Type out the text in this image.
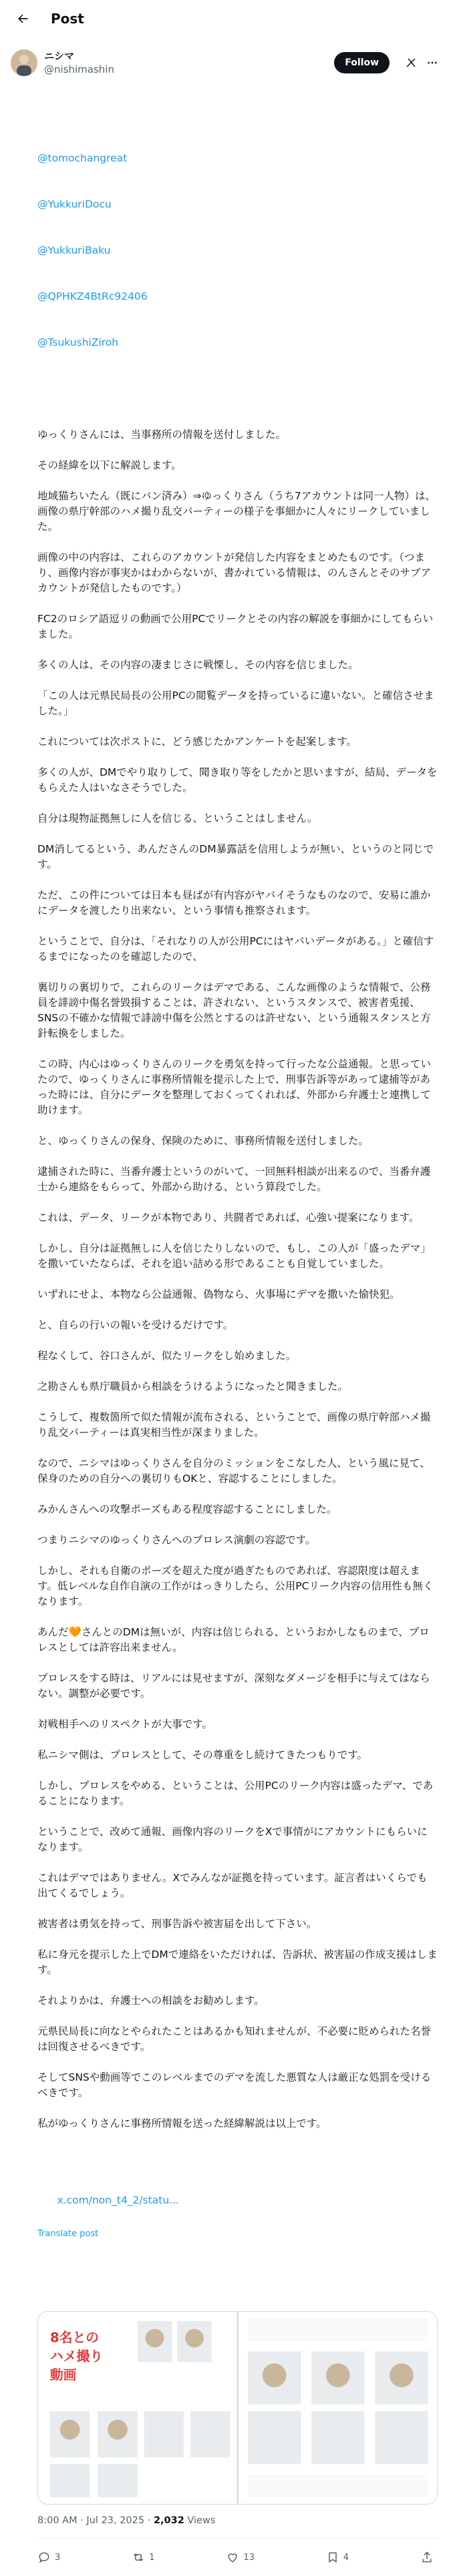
Post
ニシマ
@nishimashin
Follow

@tomochangreat

@YukkuriDocu

@YukkuriBaku

@QPHKZ4BtRc92406

@TsukushiZiroh

ゆっくりさんには、当事務所の情報を送付しました。
その経緯を以下に解説します。
地域猫ちいたん（既にバン済み）⇒ゆっくりさん（うち7アカウントは同一人物）は、画像の県庁幹部のハメ撮り乱交パーティーの様子を事細かに人々にリークしていました。
画像の中の内容は、これらのアカウントが発信した内容をまとめたものです。（つまり、画像内容が事実かはわからないが、書かれている情報は、のんさんとそのサブアカウントが発信したものです。）
FC2のロシア語逗リの動画で公用PCでリークとその内容の解説を事細かにしてもらいました。
多くの人は、その内容の凄まじさに戦慄し、その内容を信じました。
「この人は元県民局長の公用PCの閲覧データを持っているに違いない。と確信させました。」
これについては次ポストに、どう感じたかアンケートを起案します。
多くの人が、DMでやり取りして、聞き取り等をしたかと思いますが、結局、データをもらえた人はいなさそうでした。
自分は現物証拠無しに人を信じる、ということはしません。
DM消してるという、あんださんのDM暴露話を信用しようが無い、というのと同じです。
ただ、この件については日本も昼ばが有内容がヤバイそうなものなので、安易に誰かにデータを渡したり出来ない、という事情も推察されます。
ということで、自分は、「それなりの人が公用PCにはヤバいデータがある。」と確信するまでになったのを確認したので、
裏切りの裏切りで、これらのリークはデマである、こんな画像のような情報で、公務員を誹謗中傷名誉毀損することは、許されない、というスタンスで、被害者兎援、SNSの不確かな情報で誹謗中傷を公然とするのは許せない、という通報スタンスと方針転換をしました。
この時、内心はゆっくりさんのリークを勇気を持って行ったな公益通報。と思っていたので、ゆっくりさんに事務所情報を提示した上で、刑事告訴等があって逮捕等があった時には、自分にデータを整理しておくってくれれば、外部から弁護士と連携して助けます。
と、ゆっくりさんの保身、保険のために、事務所情報を送付しました。
逮捕された時に、当番弁護士というのがいて、一回無料相談が出来るので、当番弁護士から連絡をもらって、外部から助ける、という算段でした。
これは、データ、リークが本物であり、共闘者であれば、心強い提案になります。
しかし、自分は証拠無しに人を信じたりしないので、もし、この人が「盛ったデマ」を撒いていたならば、それを追い詰める形であることも自覚していました。
いずれにせよ、本物なら公益通報、偽物なら、火事場にデマを撒いた愉快犯。
と、自らの行いの報いを受けるだけです。
程なくして、谷口さんが、似たリークをし始めました。
之勘さんも県庁職員から相談をうけるようになったと聞きました。
こうして、複数箇所で似た情報が流布される、ということで、画像の県庁幹部ハメ撮り乱交パーティーは真実相当性が深まりました。
なので、ニシマはゆっくりさんを自分のミッションをこなした人、という風に見て、保身のための自分への裏切りもOKと、容認することにしました。
みかんさんへの攻撃ポーズもある程度容認することにしました。
つまりニシマのゆっくりさんへのプロレス演劇の容認です。
しかし、それも自衛のポーズを超えた度が過ぎたものであれば、容認限度は超えます。低レベルな自作自演の工作がはっきりしたら、公用PCリーク内容の信用性も無くなります。
あんだ🧡さんとのDMは無いが、内容は信じられる、というおかしなものまで、プロレスとしては許容出来ません。
プロレスをする時は、リアルには見せますが、深刻なダメージを相手に与えてはならない。調整が必要です。
対戦相手へのリスペクトが大事です。
私ニシマ側は、プロレスとして、その尊重をし続けてきたつもりです。
しかし、プロレスをやめる、ということは、公用PCのリーク内容は盛ったデマ、であることになります。
ということで、改めて通報、画像内容のリークをXで事情がにアカウントにもらいになります。
これはデマではありません。Xでみんなが証拠を持っています。証言者はいくらでも出てくるでしょう。
被害者は勇気を持って、刑事告訴や被害届を出して下さい。
私に身元を提示した上でDMで連絡をいただければ、告訴状、被害届の作成支援はします。
それよりかは、弁護士への相談をお勧めします。
元県民局長に向なとやられたことはあるかも知れませんが、不必要に貶められた名誉は回復させるべきです。
そしてSNSや動画等でこのレベルまでのデマを流した悪質な人は厳正な処罰を受けるべきです。
私がゆっくりさんに事務所情報を送った経緯解説は以上です。

x.com/non_t4_2/statu...

Translate post

8名との
ハメ撮り
動画
8:00 AM · Jul 23, 2025 · 2,032 Views
3	1	13	4
